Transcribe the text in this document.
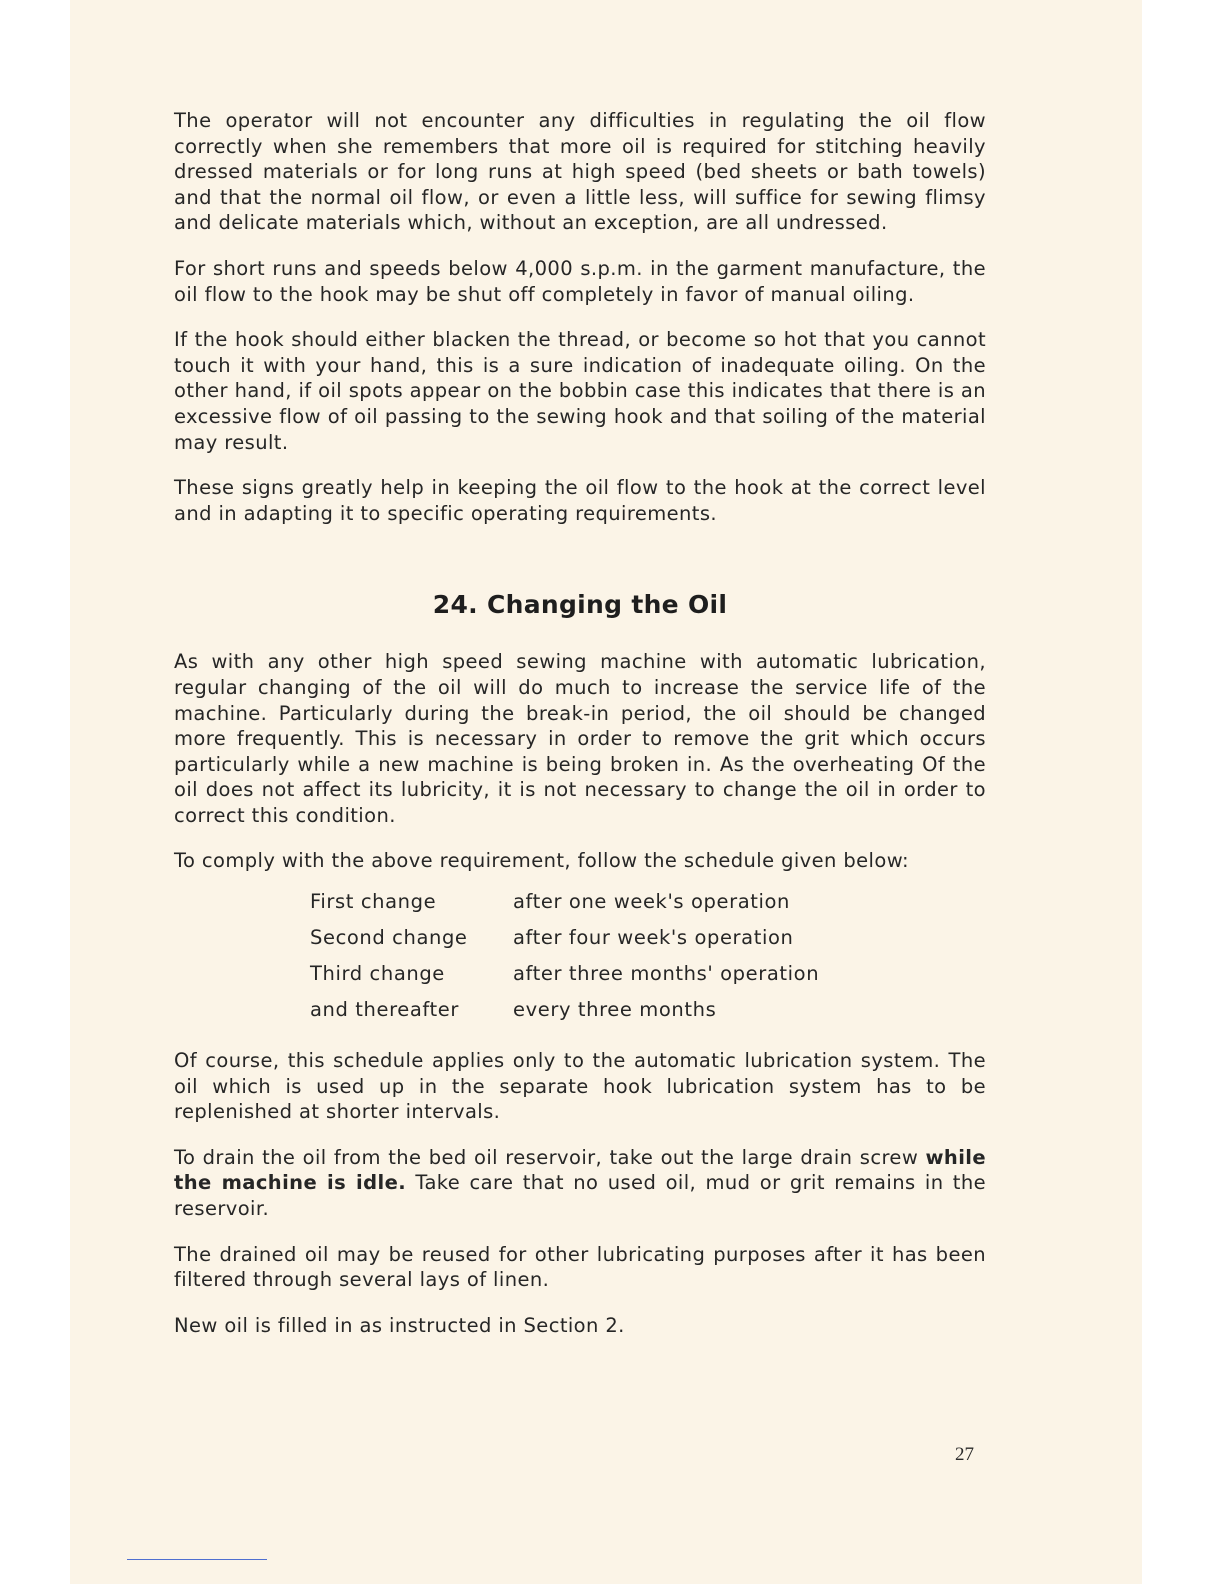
The operator will not encounter any difficulties in regulating the oil flow correctly when she remembers that more oil is required for stitching heavily dressed materials or for long runs at high speed (bed sheets or bath towels) and that the normal oil flow, or even a little less, will suffice for sewing flimsy and delicate materials which, without an exception, are all undressed.

For short runs and speeds below 4,000 s.p.m. in the garment manufacture, the oil flow to the hook may be shut off completely in favor of manual oiling.

If the hook should either blacken the thread, or become so hot that you cannot touch it with your hand, this is a sure indication of inadequate oiling. On the other hand, if oil spots appear on the bobbin case this indicates that there is an excessive flow of oil passing to the sewing hook and that soiling of the material may result.

These signs greatly help in keeping the oil flow to the hook at the correct level and in adapting it to specific operating requirements.

24. Changing the Oil

As with any other high speed sewing machine with automatic lubrication, regular changing of the oil will do much to increase the service life of the machine. Particularly during the break-in period, the oil should be changed more frequently. This is necessary in order to remove the grit which occurs particularly while a new machine is being broken in. As the overheating Of the oil does not affect its lubricity, it is not necessary to change the oil in order to correct this condition.

To comply with the above requirement, follow the schedule given below:

First change	after one week's operation
Second change	after four week's operation
Third change	after three months' operation
and thereafter	every three months

Of course, this schedule applies only to the automatic lubrication system. The oil which is used up in the separate hook lubrication system has to be replenished at shorter intervals.

To drain the oil from the bed oil reservoir, take out the large drain screw while the machine is idle. Take care that no used oil, mud or grit remains in the reservoir.

The drained oil may be reused for other lubricating purposes after it has been filtered through several lays of linen.

New oil is filled in as instructed in Section 2.

27
